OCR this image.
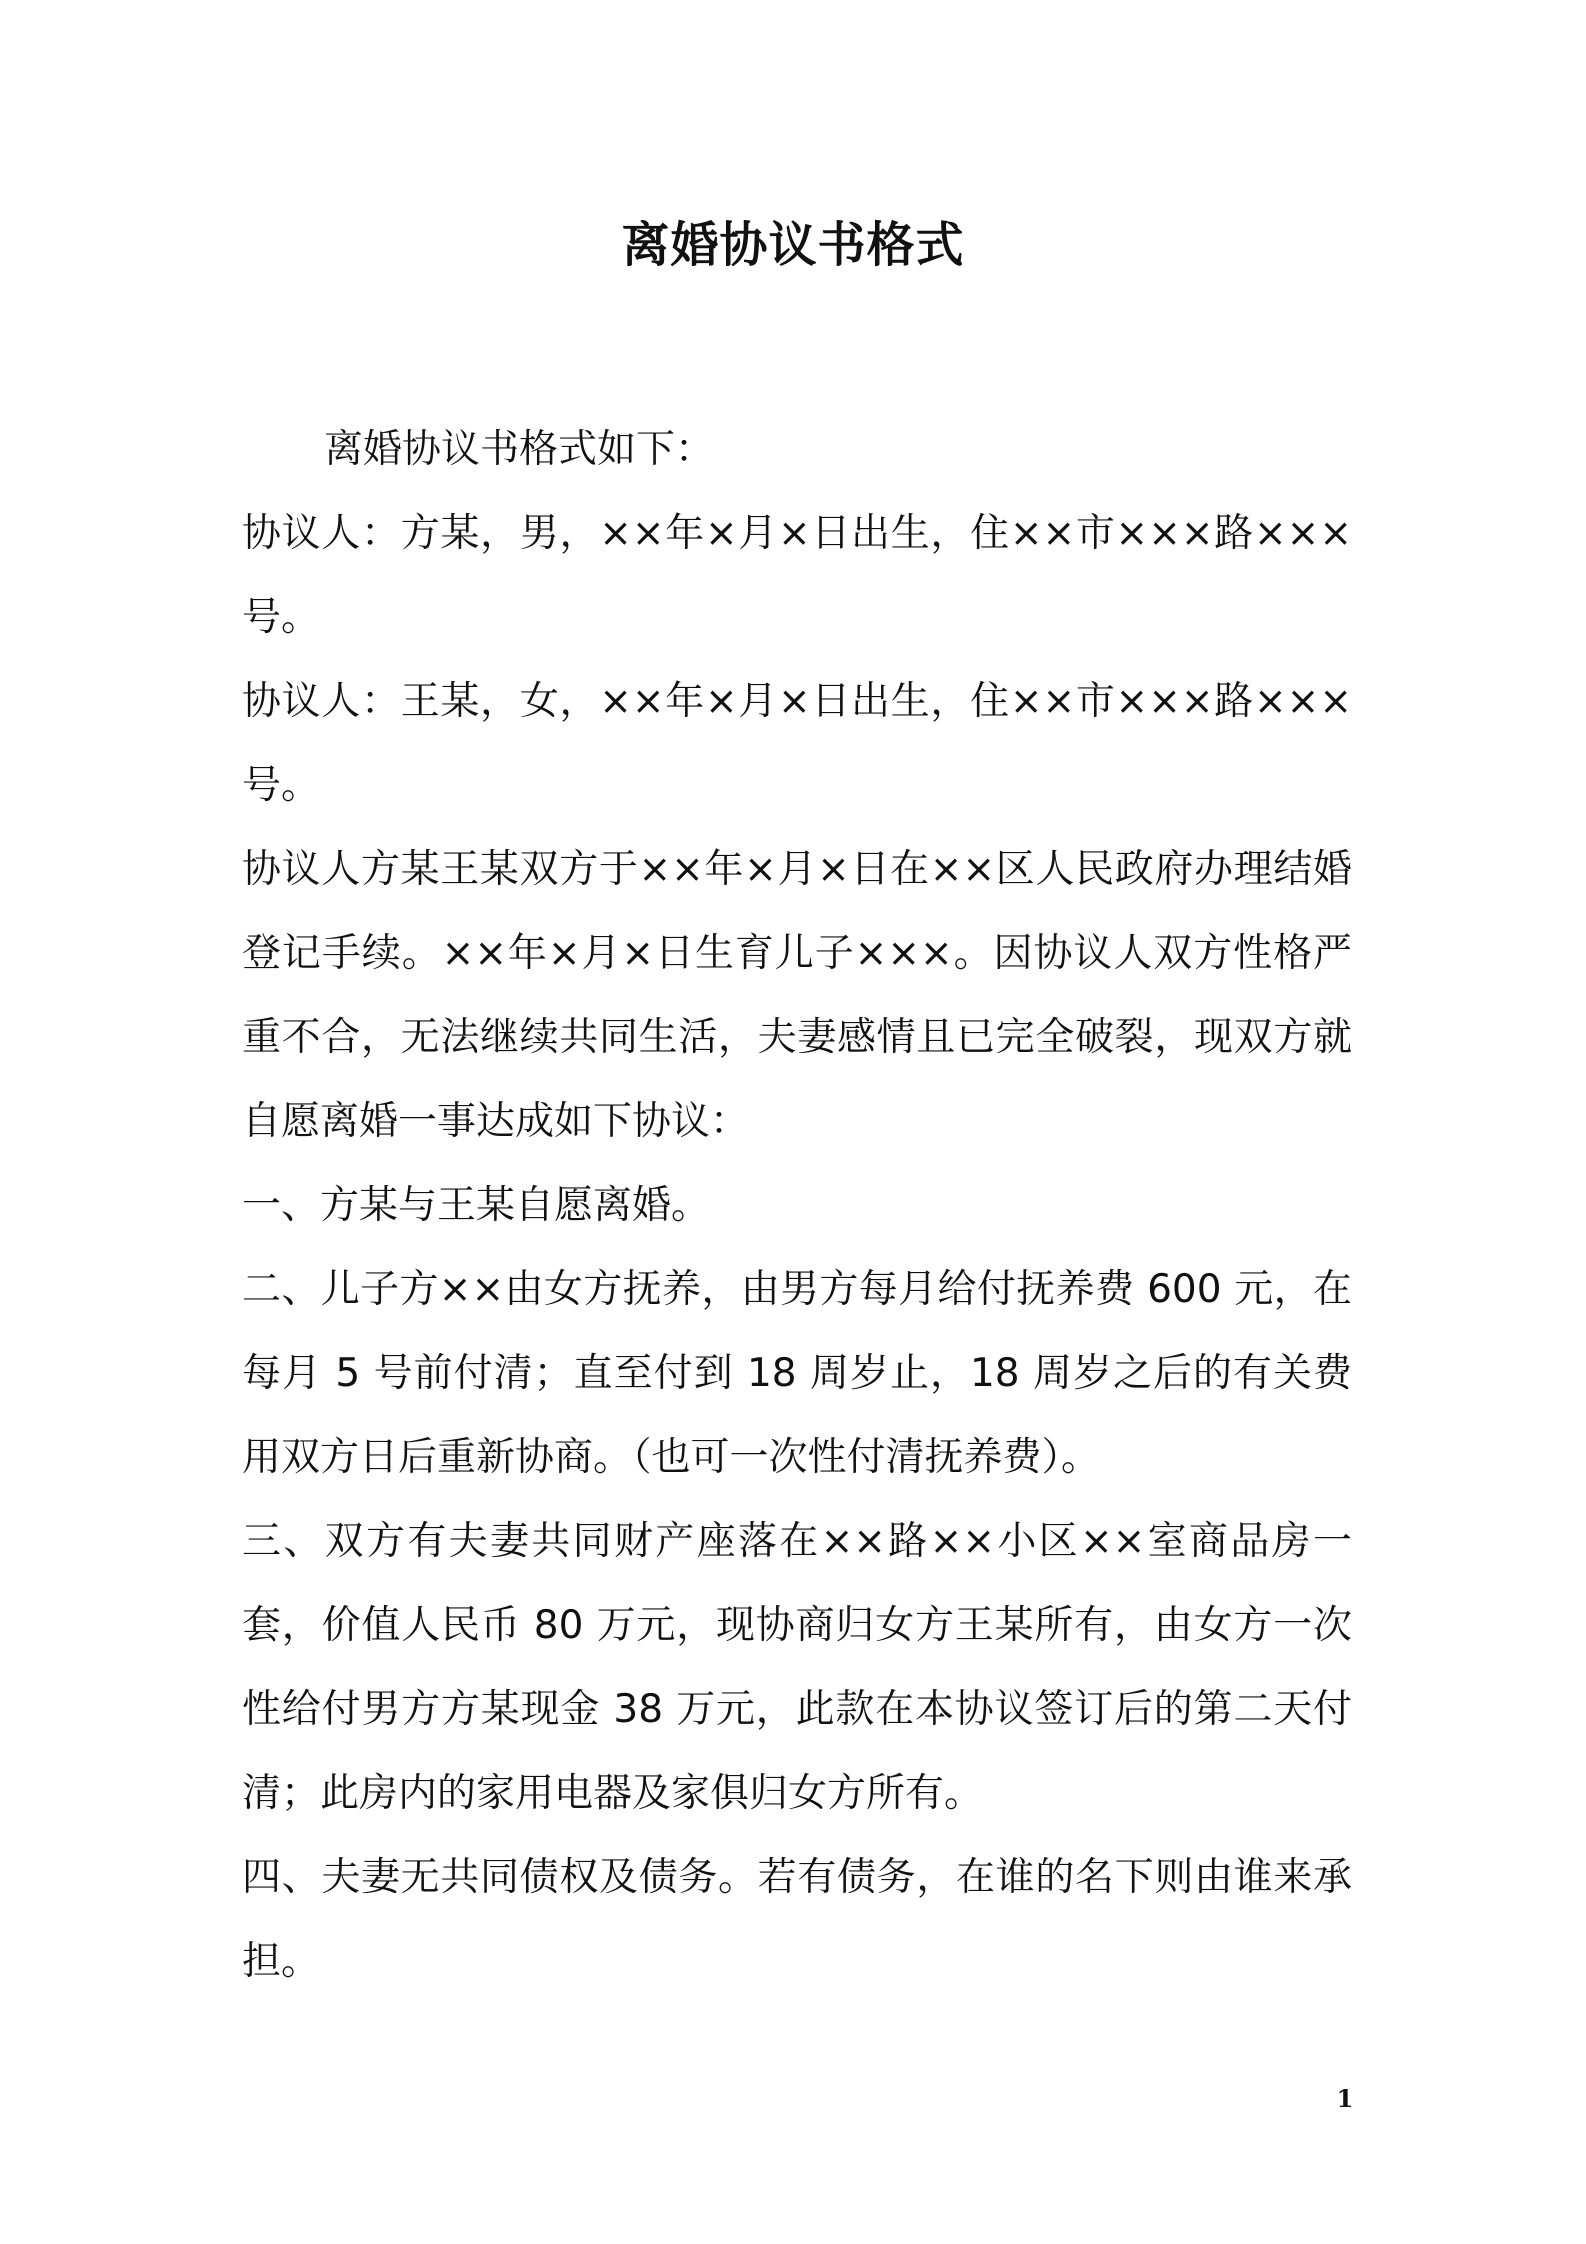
离婚协议书格式

离婚协议书格式如下：

协议人：方某，男，××年×月×日出生，住××市×××路×××号。

协议人：王某，女，××年×月×日出生，住××市×××路×××号。

协议人方某王某双方于××年×月×日在××区人民政府办理结婚登记手续。××年×月×日生育儿子×××。因协议人双方性格严重不合，无法继续共同生活，夫妻感情且已完全破裂，现双方就自愿离婚一事达成如下协议：

一、方某与王某自愿离婚。

二、儿子方××由女方抚养，由男方每月给付抚养费 600 元，在每月 5 号前付清；直至付到 18 周岁止，18 周岁之后的有关费用双方日后重新协商。（也可一次性付清抚养费）。

三、双方有夫妻共同财产座落在××路××小区××室商品房一套，价值人民币 80 万元，现协商归女方王某所有，由女方一次性给付男方方某现金 38 万元，此款在本协议签订后的第二天付清；此房内的家用电器及家俱归女方所有。

四、夫妻无共同债权及债务。若有债务，在谁的名下则由谁来承担。

1
